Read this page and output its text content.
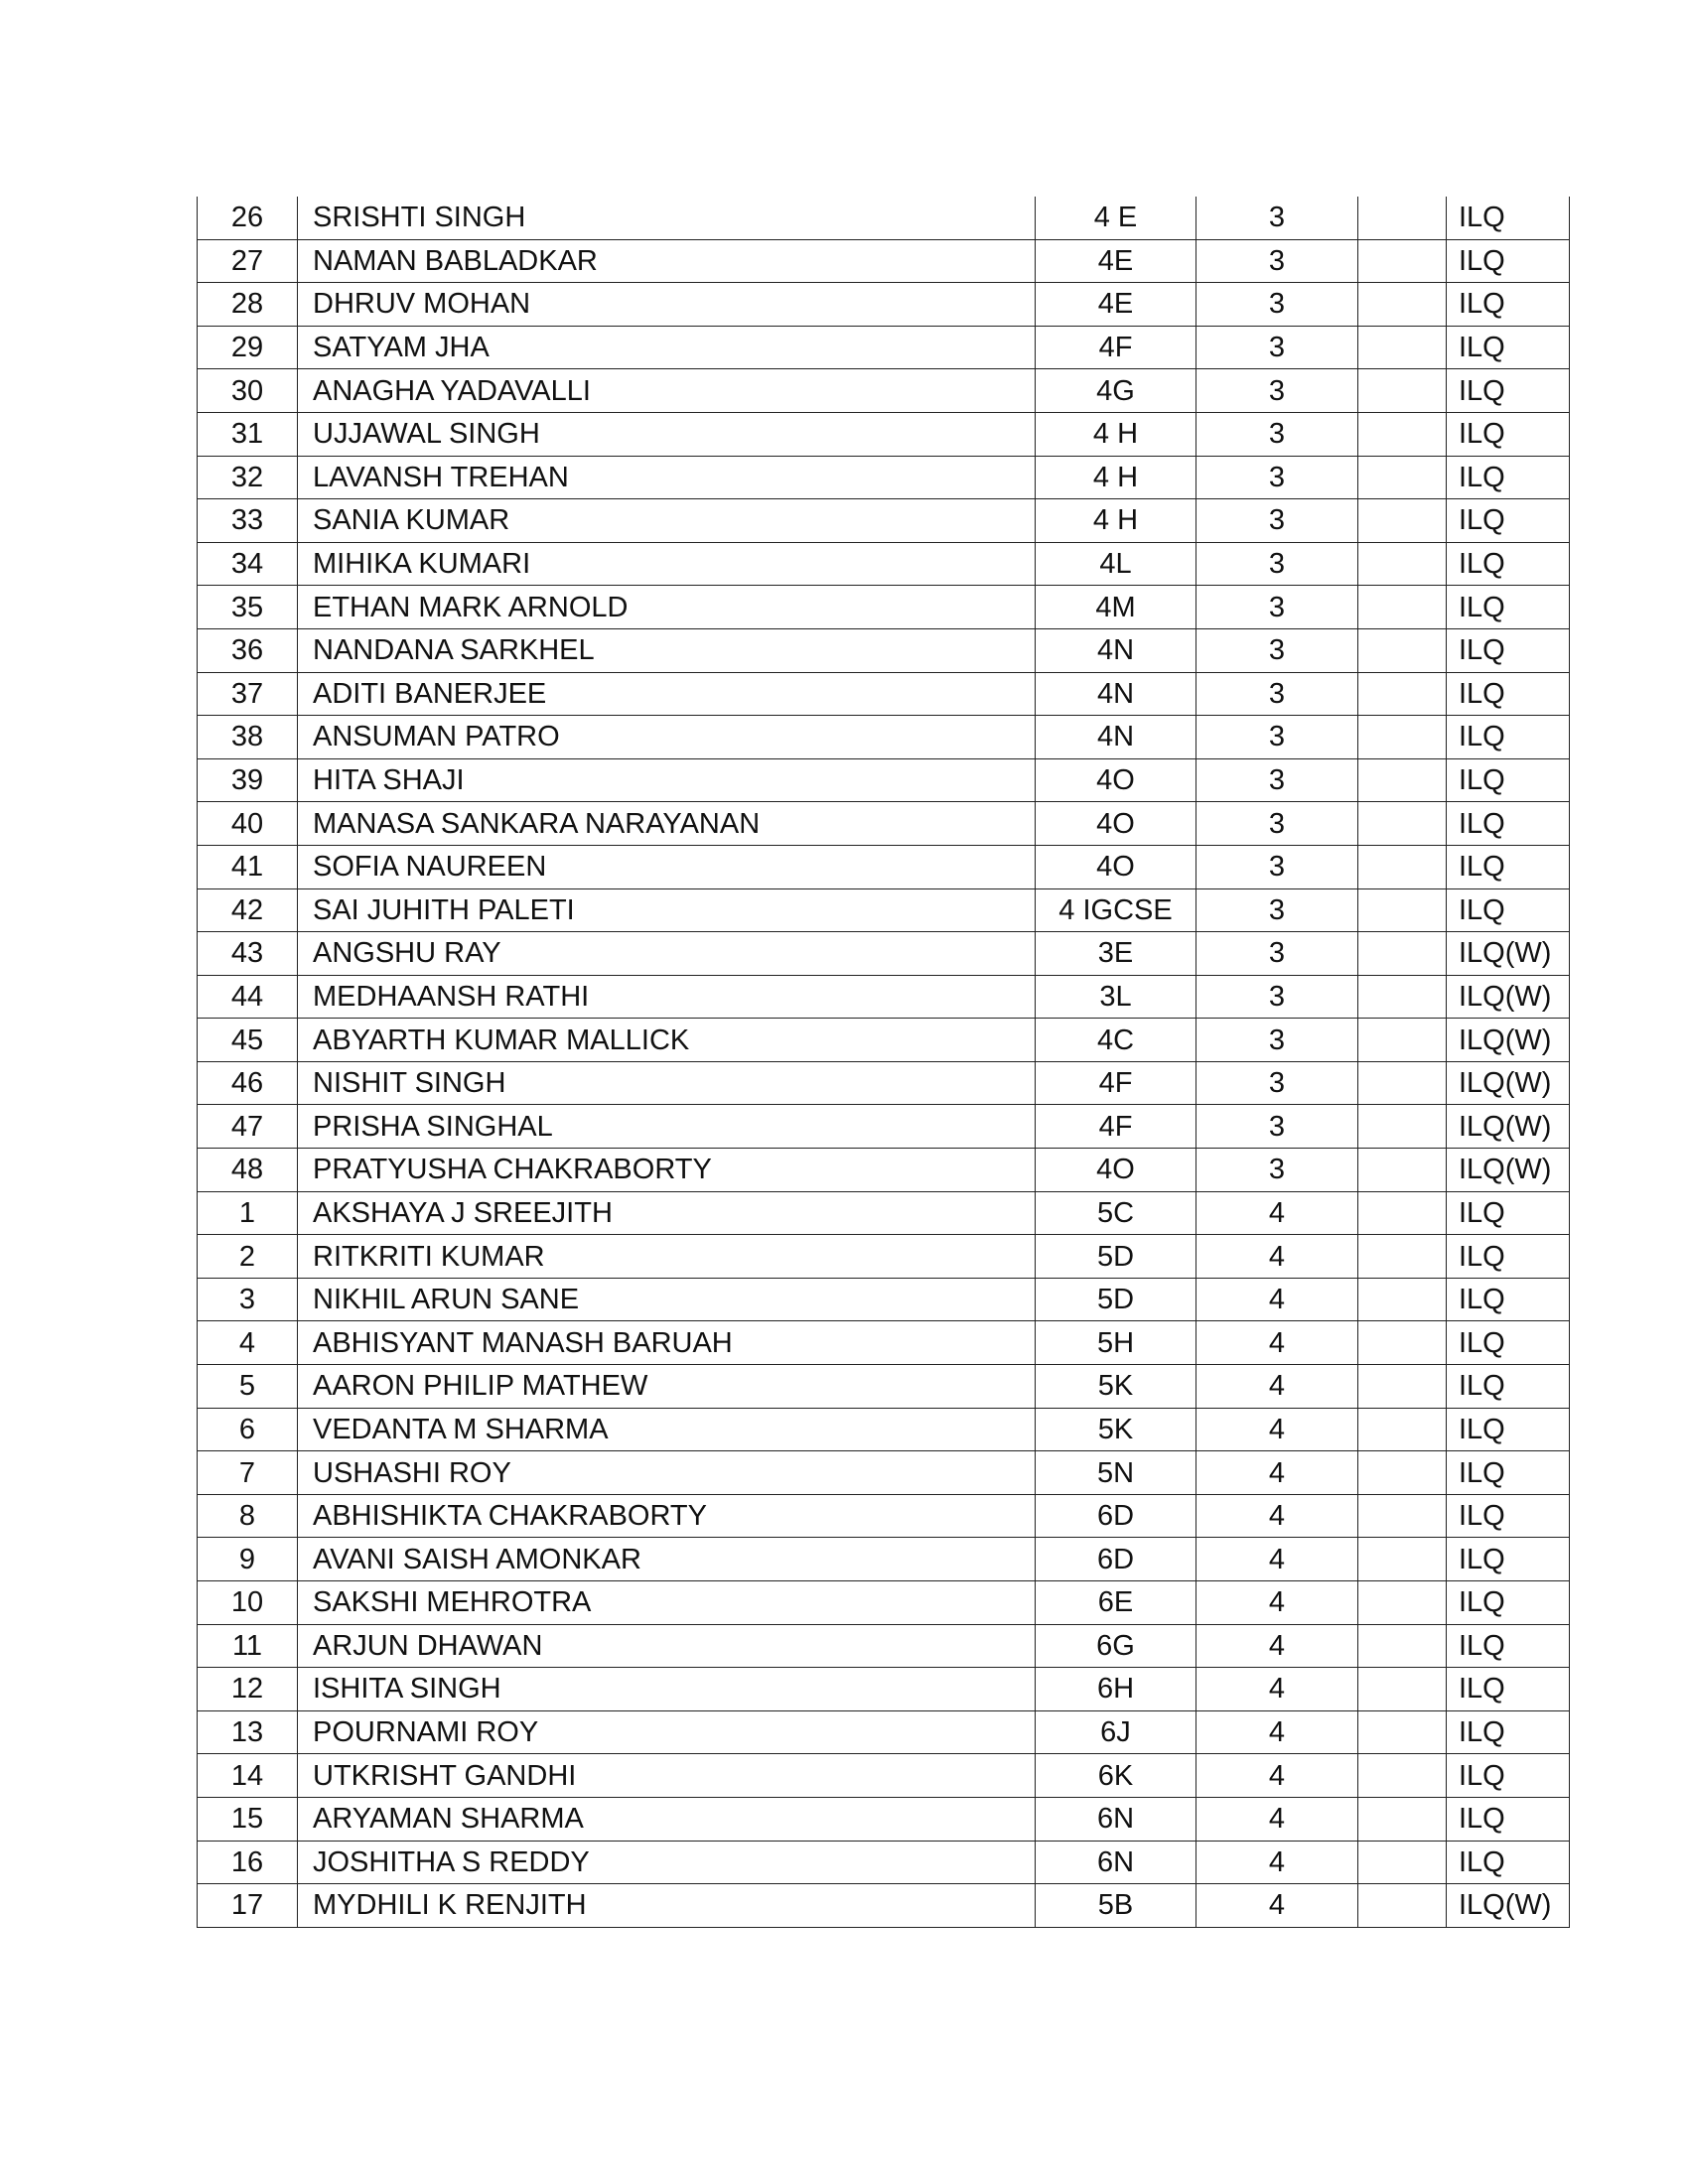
26	SRISHTI SINGH	4 E	3		ILQ
27	NAMAN BABLADKAR	4E	3		ILQ
28	DHRUV MOHAN	4E	3		ILQ
29	SATYAM JHA	4F	3		ILQ
30	ANAGHA YADAVALLI	4G	3		ILQ
31	UJJAWAL SINGH	4 H	3		ILQ
32	LAVANSH TREHAN	4 H	3		ILQ
33	SANIA KUMAR	4 H	3		ILQ
34	MIHIKA KUMARI	4L	3		ILQ
35	ETHAN MARK ARNOLD	4M	3		ILQ
36	NANDANA SARKHEL	4N	3		ILQ
37	ADITI BANERJEE	4N	3		ILQ
38	ANSUMAN PATRO	4N	3		ILQ
39	HITA SHAJI	4O	3		ILQ
40	MANASA SANKARA NARAYANAN	4O	3		ILQ
41	SOFIA NAUREEN	4O	3		ILQ
42	SAI JUHITH PALETI	4 IGCSE	3		ILQ
43	ANGSHU RAY	3E	3		ILQ(W)
44	MEDHAANSH RATHI	3L	3		ILQ(W)
45	ABYARTH KUMAR MALLICK	4C	3		ILQ(W)
46	NISHIT SINGH	4F	3		ILQ(W)
47	PRISHA SINGHAL	4F	3		ILQ(W)
48	PRATYUSHA CHAKRABORTY	4O	3		ILQ(W)
1	AKSHAYA J SREEJITH	5C	4		ILQ
2	RITKRITI KUMAR	5D	4		ILQ
3	NIKHIL ARUN SANE	5D	4		ILQ
4	ABHISYANT MANASH BARUAH	5H	4		ILQ
5	AARON PHILIP MATHEW	5K	4		ILQ
6	VEDANTA M SHARMA	5K	4		ILQ
7	USHASHI ROY	5N	4		ILQ
8	ABHISHIKTA CHAKRABORTY	6D	4		ILQ
9	AVANI SAISH AMONKAR	6D	4		ILQ
10	SAKSHI MEHROTRA	6E	4		ILQ
11	ARJUN DHAWAN	6G	4		ILQ
12	ISHITA SINGH	6H	4		ILQ
13	POURNAMI ROY	6J	4		ILQ
14	UTKRISHT GANDHI	6K	4		ILQ
15	ARYAMAN SHARMA	6N	4		ILQ
16	JOSHITHA S REDDY	6N	4		ILQ
17	MYDHILI K RENJITH	5B	4		ILQ(W)
